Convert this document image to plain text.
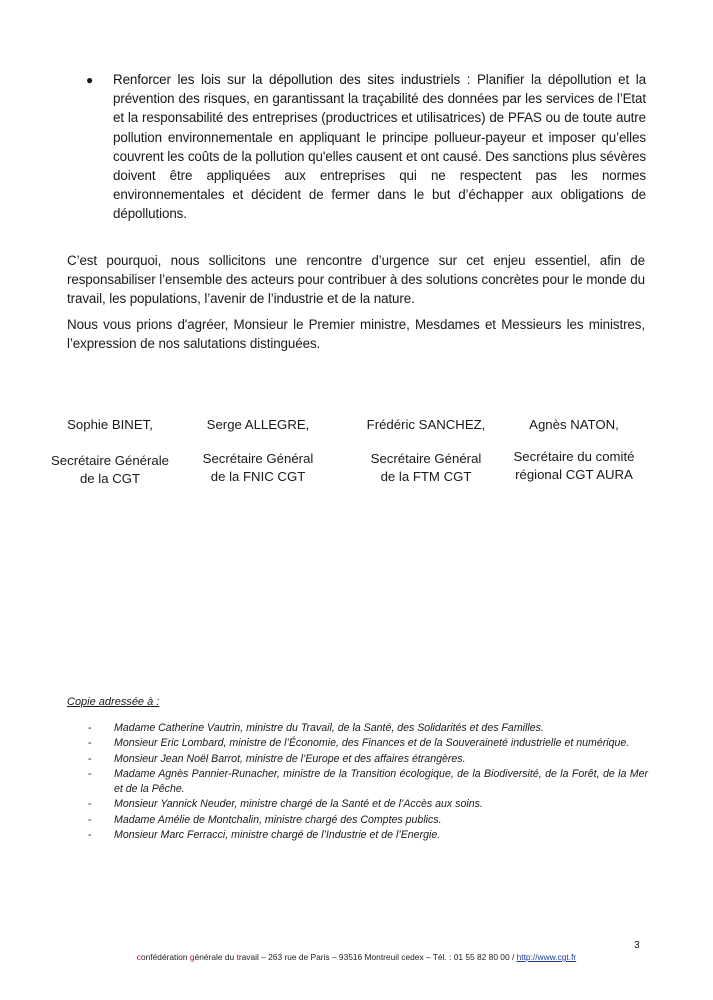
● Renforcer les lois sur la dépollution des sites industriels : Planifier la dépollution et la prévention des risques, en garantissant la traçabilité des données par les services de l’Etat et la responsabilité des entreprises (productrices et utilisatrices) de PFAS ou de toute autre pollution environnementale en appliquant le principe pollueur-payeur et imposer qu’elles couvrent les coûts de la pollution qu'elles causent et ont causé. Des sanctions plus sévères doivent être appliquées aux entreprises qui ne respectent pas les normes environnementales et décident de fermer dans le but d’échapper aux obligations de dépollutions.

C’est pourquoi, nous sollicitons une rencontre d’urgence sur cet enjeu essentiel, afin de responsabiliser l’ensemble des acteurs pour contribuer à des solutions concrètes pour le monde du travail, les populations, l’avenir de l’industrie et de la nature.

Nous vous prions d'agréer, Monsieur le Premier ministre, Mesdames et Messieurs les ministres, l’expression de nos salutations distinguées.

Sophie BINET,
Secrétaire Générale
de la CGT
Serge ALLEGRE,
Secrétaire Général
de la FNIC CGT
Frédéric SANCHEZ,
Secrétaire Général
de la FTM CGT
Agnès NATON,
Secrétaire du comité
régional CGT AURA
Copie adressée à :
- Madame Catherine Vautrin, ministre du Travail, de la Santé, des Solidarités et des Familles.
- Monsieur Eric Lombard, ministre de l’Économie, des Finances et de la Souveraineté industrielle et numérique.
- Monsieur Jean Noël Barrot, ministre de l’Europe et des affaires étrangères.
- Madame Agnès Pannier-Runacher, ministre de la Transition écologique, de la Biodiversité, de la Forêt, de la Mer et de la Pêche.
- Monsieur Yannick Neuder, ministre chargé de la Santé et de l’Accès aux soins.
- Madame Amélie de Montchalin, ministre chargé des Comptes publics.
- Monsieur Marc Ferracci, ministre chargé de l’Industrie et de l’Energie.
3
confédération générale du travail – 263 rue de Paris – 93516 Montreuil cedex – Tél. : 01 55 82 80 00 / http://www.cgt.fr
